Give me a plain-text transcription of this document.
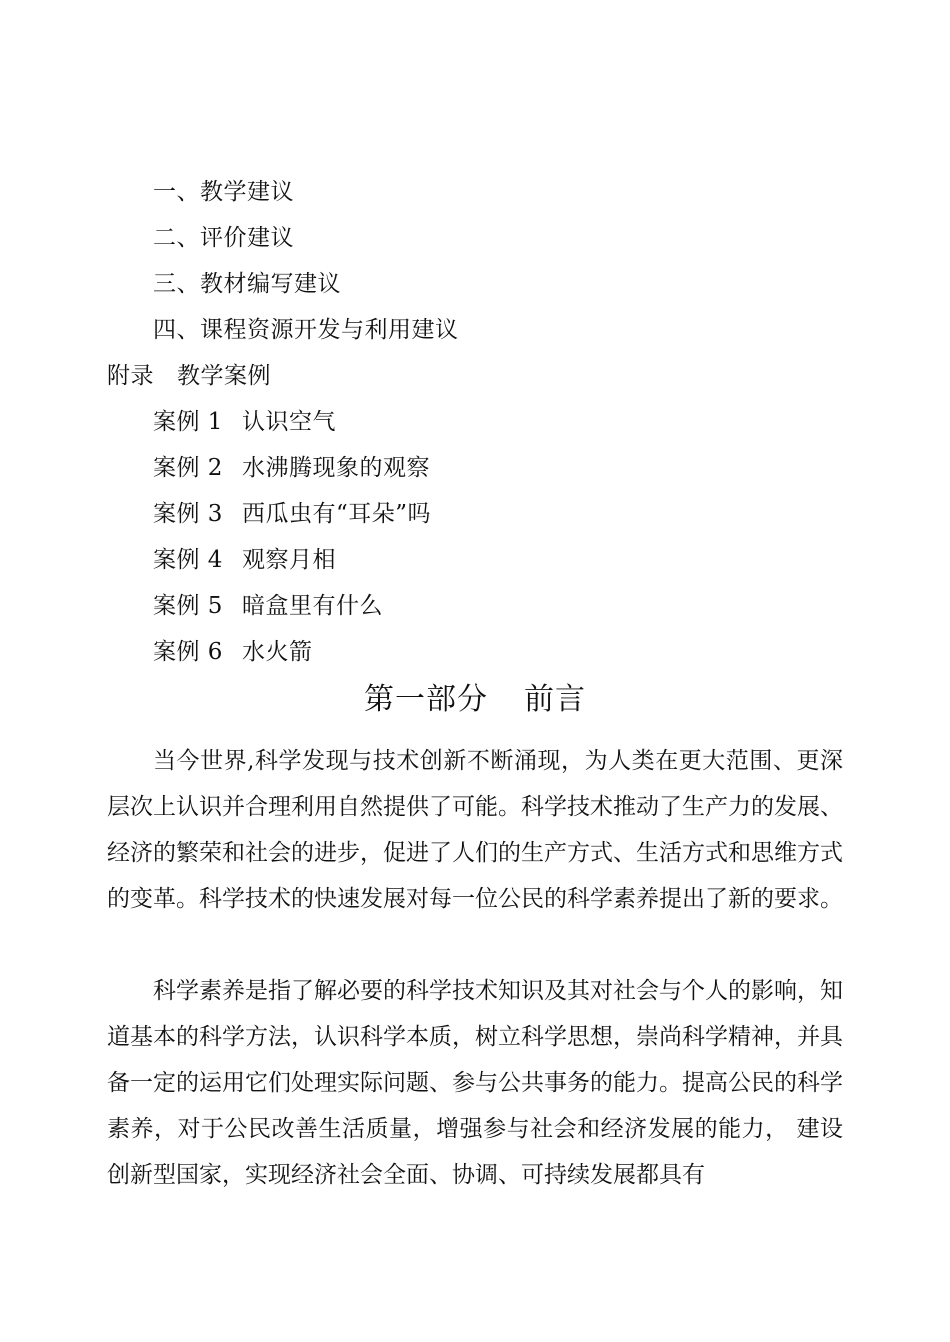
一、教学建议
二、评价建议
三、教材编写建议
四、课程资源开发与利用建议
附录 教学案例
案例 1 认识空气
案例 2 水沸腾现象的观察
案例 3 西瓜虫有“耳朵”吗
案例 4 观察月相
案例 5 暗盒里有什么
案例 6 水火箭
第一部分 前言

当今世界,科学发现与技术创新不断涌现，为人类在更大范围、更深层次上认识并合理利用自然提供了可能。科学技术推动了生产力的发展、经济的繁荣和社会的进步，促进了人们的生产方式、生活方式和思维方式的变革。科学技术的快速发展对每一位公民的科学素养提出了新的要求。

科学素养是指了解必要的科学技术知识及其对社会与个人的影响，知道基本的科学方法，认识科学本质，树立科学思想，崇尚科学精神，并具备一定的运用它们处理实际问题、参与公共事务的能力。提高公民的科学素养，对于公民改善生活质量，增强参与社会和经济发展的能力， 建设创新型国家，实现经济社会全面、协调、可持续发展都具有
